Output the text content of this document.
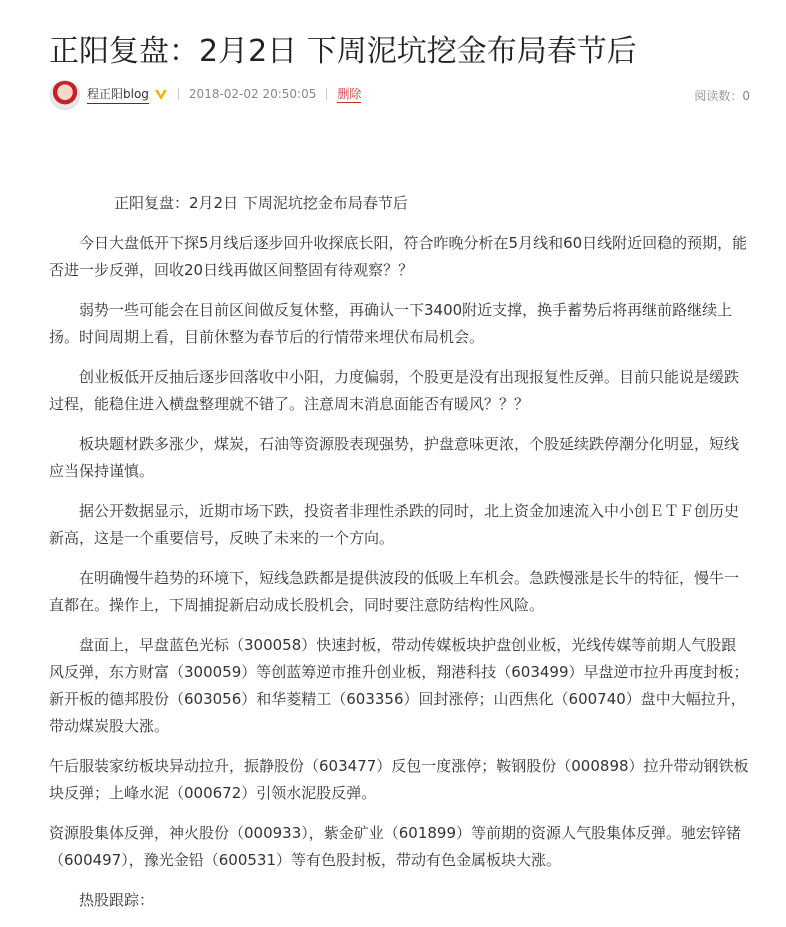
正阳复盘：2月2日 下周泥坑挖金布局春节后
程正阳blog	2018-02-02 20:50:05 删除	阅读数：0

正阳复盘：2月2日 下周泥坑挖金布局春节后

今日大盘低开下探5月线后逐步回升收探底长阳，符合昨晚分析在5月线和60日线附近回稳的预期，能否进一步反弹，回收20日线再做区间整固有待观察？？

弱势一些可能会在目前区间做反复休整，再确认一下3400附近支撑，换手蓄势后将再继前路继续上扬。时间周期上看，目前休整为春节后的行情带来埋伏布局机会。

创业板低开反抽后逐步回落收中小阳，力度偏弱，个股更是没有出现报复性反弹。目前只能说是缓跌过程，能稳住进入横盘整理就不错了。注意周末消息面能否有暖风？？？

板块题材跌多涨少，煤炭，石油等资源股表现强势，护盘意味更浓，个股延续跌停潮分化明显，短线应当保持谨慎。

据公开数据显示，近期市场下跌，投资者非理性杀跌的同时，北上资金加速流入中小创ＥＴＦ创历史新高，这是一个重要信号，反映了未来的一个方向。

在明确慢牛趋势的环境下，短线急跌都是提供波段的低吸上车机会。急跌慢涨是长牛的特征，慢牛一直都在。操作上，下周捕捉新启动成长股机会，同时要注意防结构性风险。

盘面上，早盘蓝色光标（300058）快速封板，带动传媒板块护盘创业板，光线传媒等前期人气股跟风反弹，东方财富（300059）等创蓝筹逆市推升创业板，翔港科技（603499）早盘逆市拉升再度封板；新开板的德邦股份（603056）和华菱精工（603356）回封涨停；山西焦化（600740）盘中大幅拉升，带动煤炭股大涨。

午后服装家纺板块异动拉升，振静股份（603477）反包一度涨停；鞍钢股份（000898）拉升带动钢铁板块反弹；上峰水泥（000672）引领水泥股反弹。

资源股集体反弹，神火股份（000933），紫金矿业（601899）等前期的资源人气股集体反弹。驰宏锌锗（600497），豫光金铅（600531）等有色股封板，带动有色金属板块大涨。

热股跟踪：
